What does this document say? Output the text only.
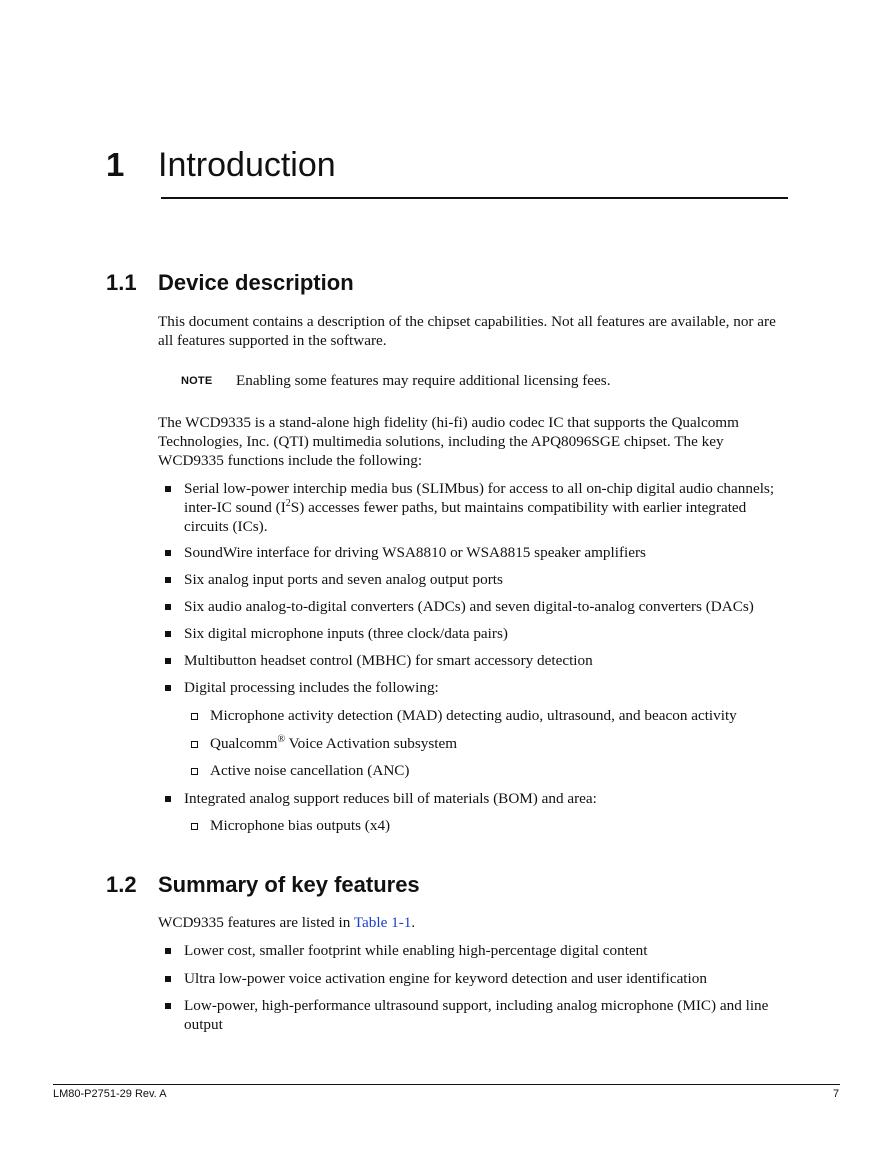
1 Introduction
1.1 Device description

This document contains a description of the chipset capabilities. Not all features are available, nor are all features supported in the software.

NOTE Enabling some features may require additional licensing fees.

The WCD9335 is a stand-alone high fidelity (hi-fi) audio codec IC that supports the Qualcomm Technologies, Inc. (QTI) multimedia solutions, including the APQ8096SGE chipset. The key WCD9335 functions include the following:

Serial low-power interchip media bus (SLIMbus) for access to all on-chip digital audio channels; inter-IC sound $(I^2S)$ accesses fewer paths, but maintains compatibility with earlier integrated circuits (ICs).

SoundWire interface for driving WSA8810 or WSA8815 speaker amplifiers

Six analog input ports and seven analog output ports

Six audio analog-to-digital converters (ADCs) and seven digital-to-analog converters (DACs)

Six digital microphone inputs (three clock/data pairs)

Multibutton headset control (MBHC) for smart accessory detection

Digital processing includes the following:

Microphone activity detection (MAD) detecting audio, ultrasound, and beacon activity

Qualcomm® Voice Activation subsystem

Active noise cancellation (ANC)

Integrated analog support reduces bill of materials (BOM) and area:

Microphone bias outputs (x4)

1.2 Summary of key features

WCD9335 features are listed in Table 1-1.

Lower cost, smaller footprint while enabling high-percentage digital content

Ultra low-power voice activation engine for keyword detection and user identification

Low-power, high-performance ultrasound support, including analog microphone (MIC) and line output

LM80-P2751-29 Rev. A	7
